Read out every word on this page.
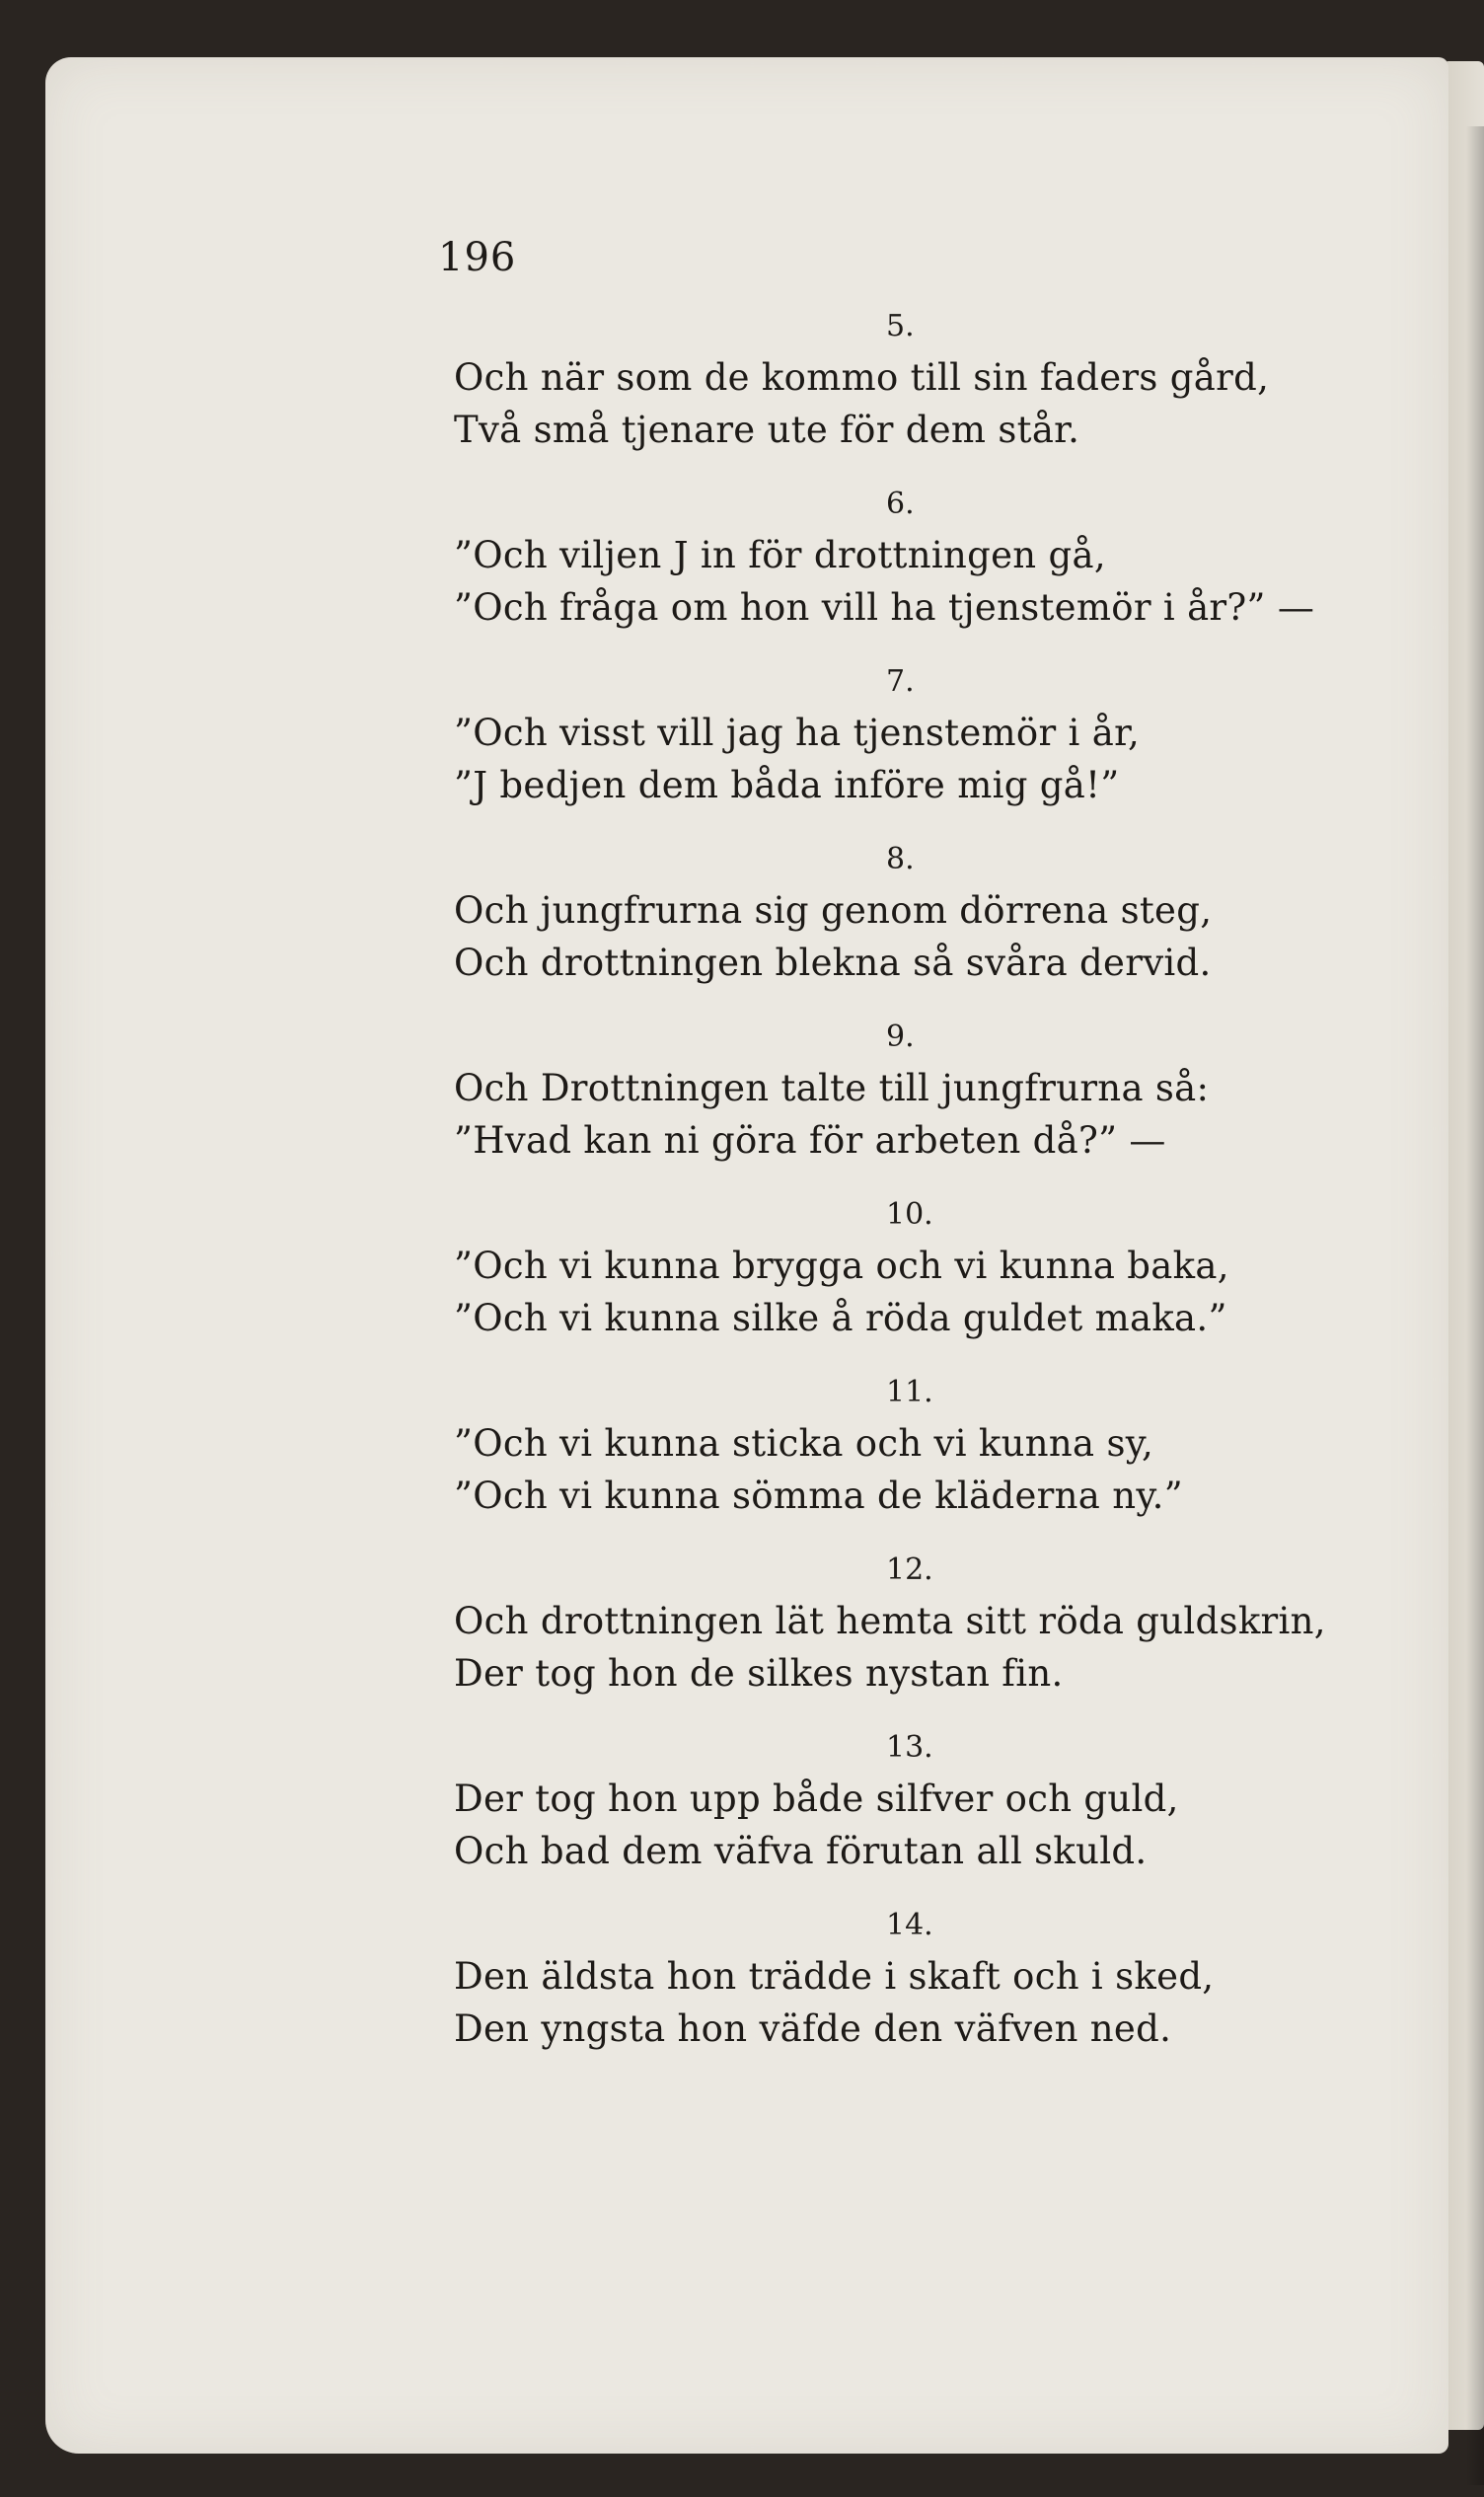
196
5.
Och när som de kommo till sin faders gård,
Två små tjenare ute för dem står.
6.
”Och viljen J in för drottningen gå,
”Och fråga om hon vill ha tjenstemör i år?” —
7.
”Och visst vill jag ha tjenstemör i år,
”J bedjen dem båda införe mig gå!”
8.
Och jungfrurna sig genom dörrena steg,
Och drottningen blekna så svåra dervid.
9.
Och Drottningen talte till jungfrurna så:
”Hvad kan ni göra för arbeten då?” —
10.
”Och vi kunna brygga och vi kunna baka,
”Och vi kunna silke å röda guldet maka.”
11.
”Och vi kunna sticka och vi kunna sy,
”Och vi kunna sömma de kläderna ny.”
12.
Och drottningen lät hemta sitt röda guldskrin,
Der tog hon de silkes nystan fin.
13.
Der tog hon upp både silfver och guld,
Och bad dem väfva förutan all skuld.
14.
Den äldsta hon trädde i skaft och i sked,
Den yngsta hon väfde den väfven ned.
